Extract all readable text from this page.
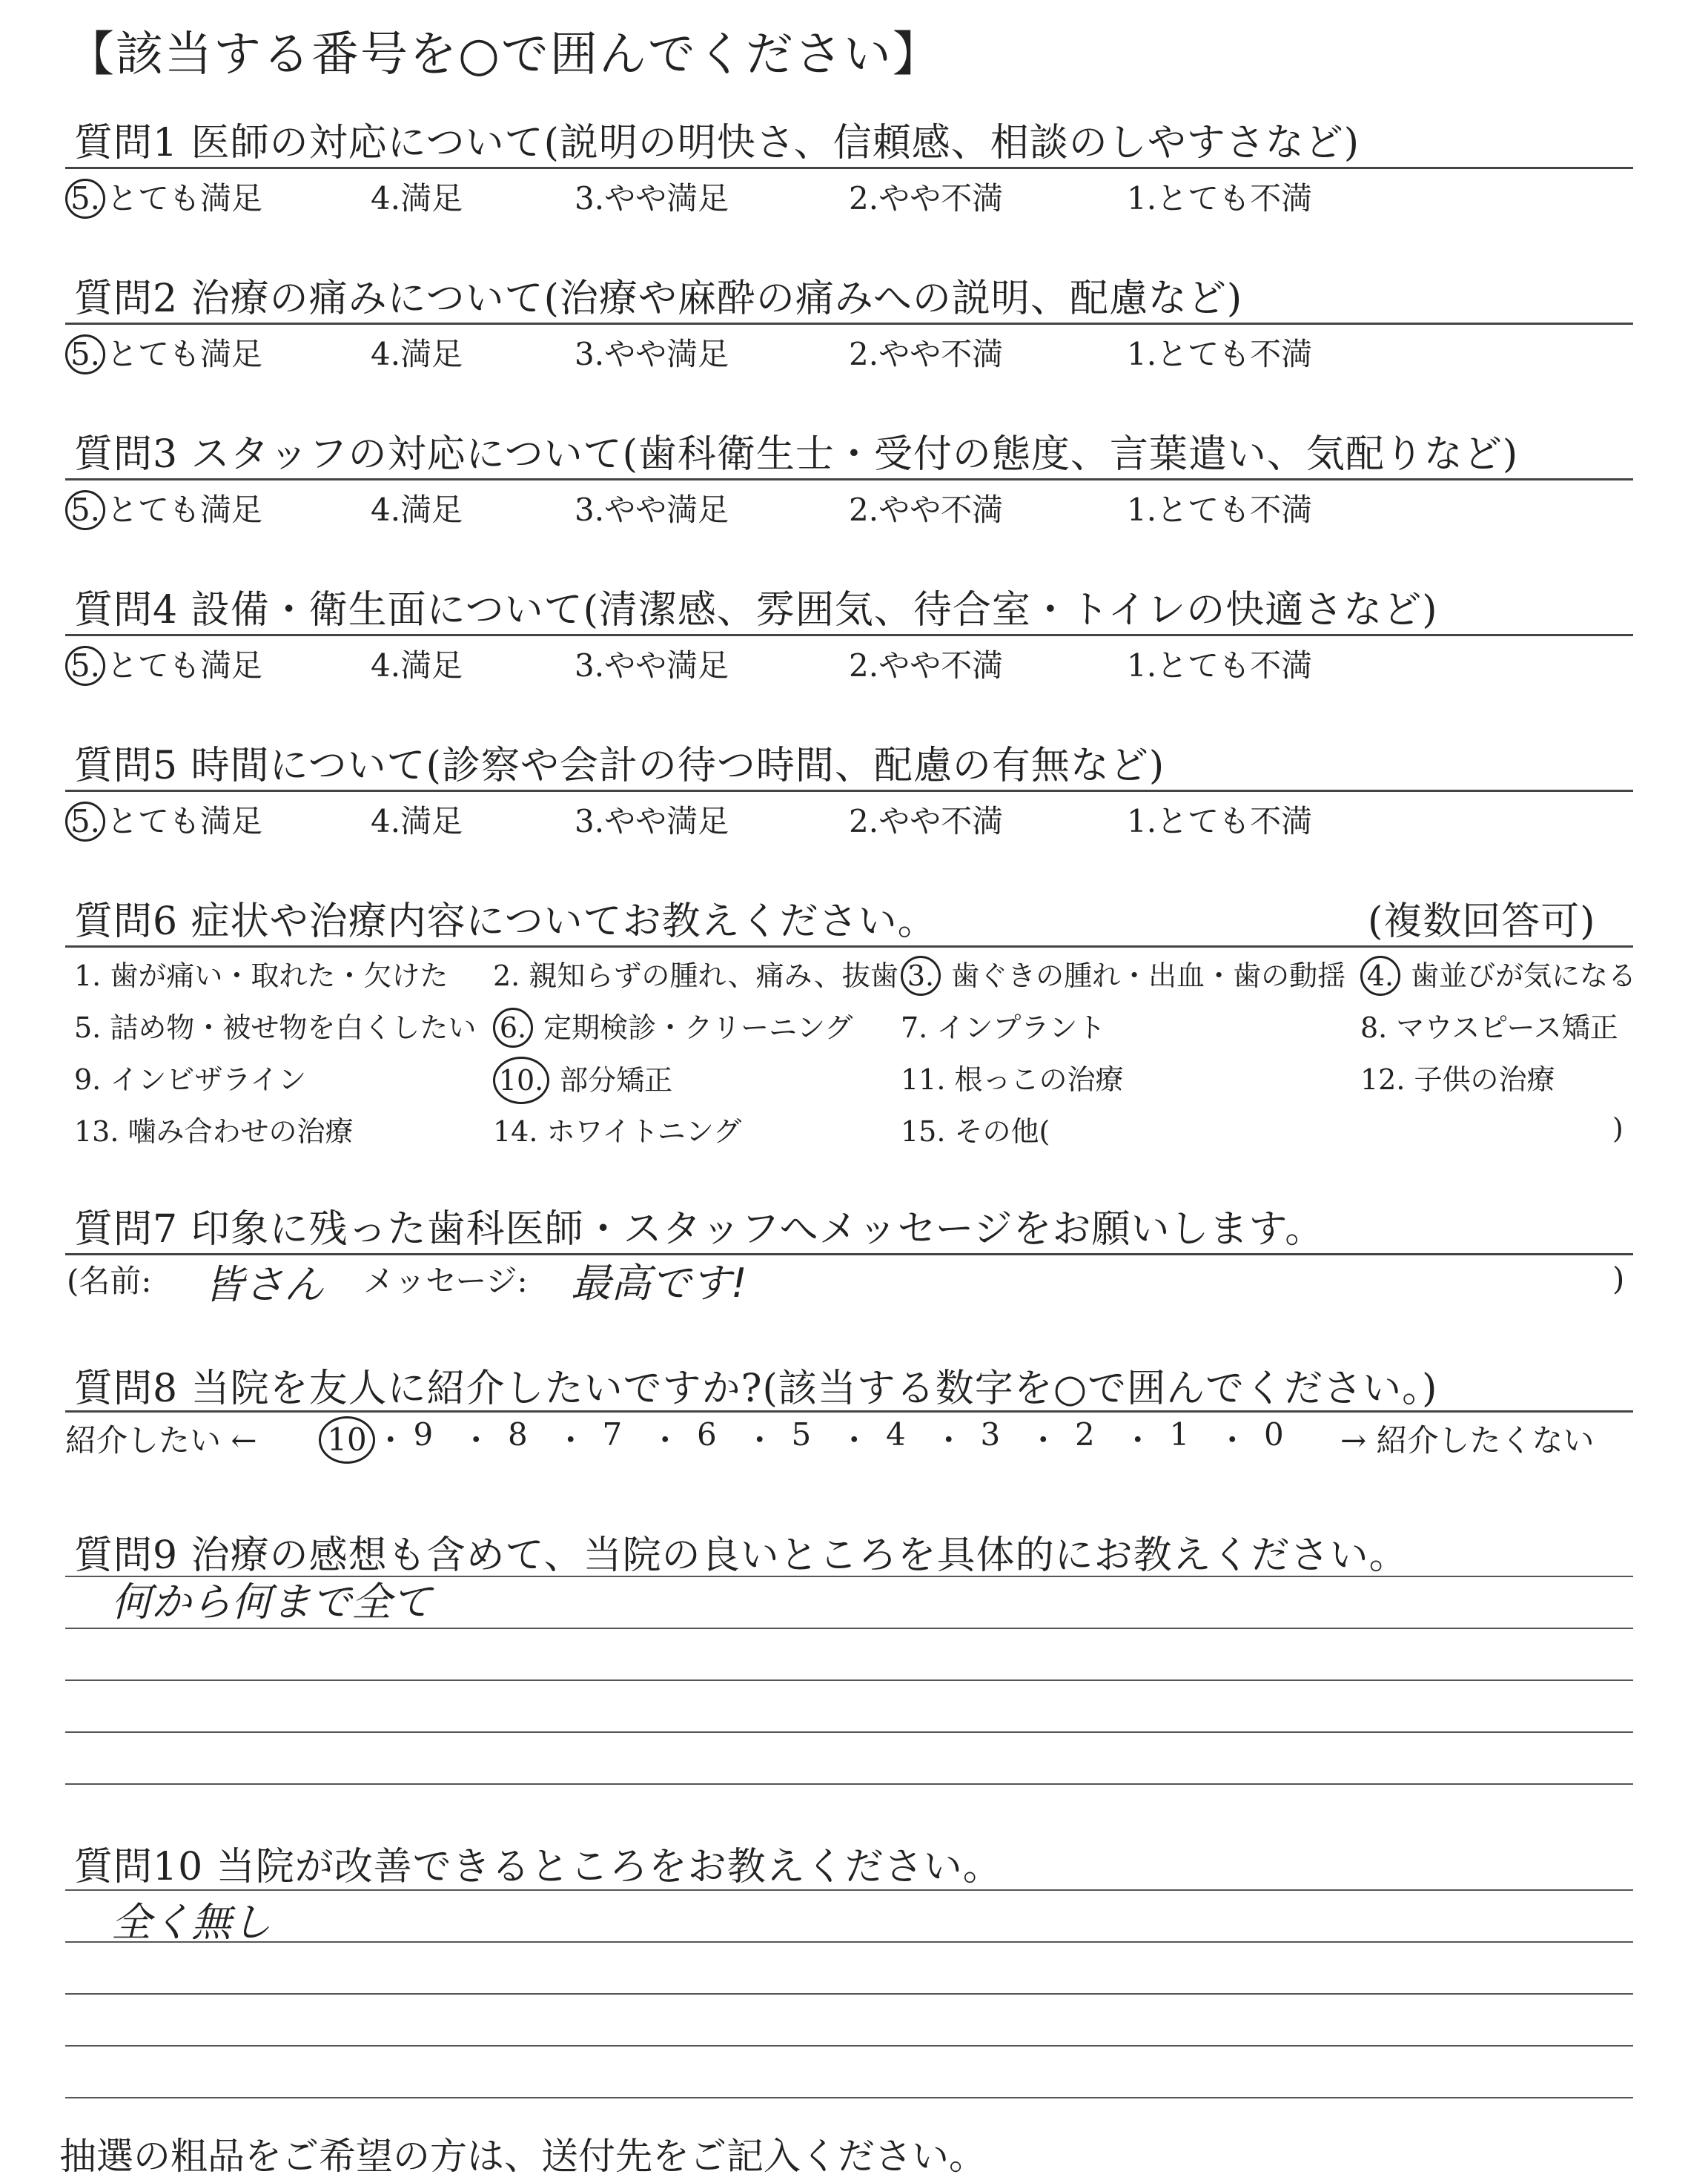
【該当する番号を○で囲んでください】
質問1 医師の対応について(説明の明快さ、信頼感、相談のしやすさなど)
5. とても満足	4.満足	3.やや満足	2.やや不満	1.とても不満
質問2 治療の痛みについて(治療や麻酔の痛みへの説明、配慮など)
5. とても満足	4.満足	3.やや満足	2.やや不満	1.とても不満
質問3 スタッフの対応について(歯科衛生士・受付の態度、言葉遣い、気配りなど)
5. とても満足	4.満足	3.やや満足	2.やや不満	1.とても不満
質問4 設備・衛生面について(清潔感、雰囲気、待合室・トイレの快適さなど)
5. とても満足	4.満足	3.やや満足	2.やや不満	1.とても不満
質問5 時間について(診察や会計の待つ時間、配慮の有無など)
5. とても満足	4.満足	3.やや満足	2.やや不満	1.とても不満
質問6 症状や治療内容についてお教えください。	(複数回答可)
1. 歯が痛い・取れた・欠けた 2. 親知らずの腫れ、痛み、抜歯 3. 歯ぐきの腫れ・出血・歯の動揺 4. 歯並びが気になる
5. 詰め物・被せ物を白くしたい 6. 定期検診・クリーニング 7. インプラント	8. マウスピース矯正
9. インビザライン	10. 部分矯正	11. 根っこの治療	12. 子供の治療
13. 噛み合わせの治療	14. ホワイトニング	15. その他(	)
質問7 印象に残った歯科医師・スタッフへメッセージをお願いします。
(名前: 皆さん メッセージ: 最高です!	)
質問8 当院を友人に紹介したいですか?(該当する数字を○で囲んでください。)
紹介したい ← 10 ・ 9 ・ 8 ・ 7 ・ 6 ・ 5 ・ 4 ・ 3 ・ 2 ・ 1 ・ 0 → 紹介したくない
質問9 治療の感想も含めて、当院の良いところを具体的にお教えください。
何から何まで全て
質問10 当院が改善できるところをお教えください。
全く無し
抽選の粗品をご希望の方は、送付先をご記入ください。
